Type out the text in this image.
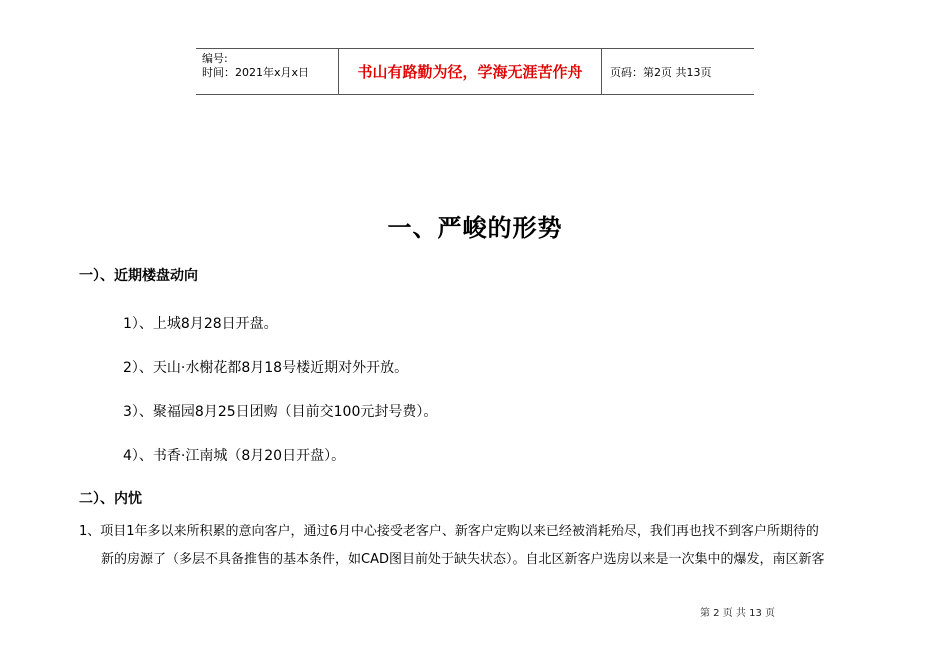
编号:
时间：2021年x月x日	书山有路勤为径，学海无涯苦作舟	页码：第2页 共13页
一、严峻的形势
一）、近期楼盘动向
1）、上城8月28日开盘。
2）、天山·水榭花都8月18号楼近期对外开放。
3）、聚福园8月25日团购（目前交100元封号费）。
4）、书香·江南城（8月20日开盘）。
二）、内忧
1、项目1年多以来所积累的意向客户，通过6月中心接受老客户、新客户定购以来已经被消耗殆尽，我们再也找不到客户所期待的
新的房源了（多层不具备推售的基本条件，如CAD图目前处于缺失状态）。自北区新客户选房以来是一次集中的爆发，南区新客
第 2 页 共 13 页
